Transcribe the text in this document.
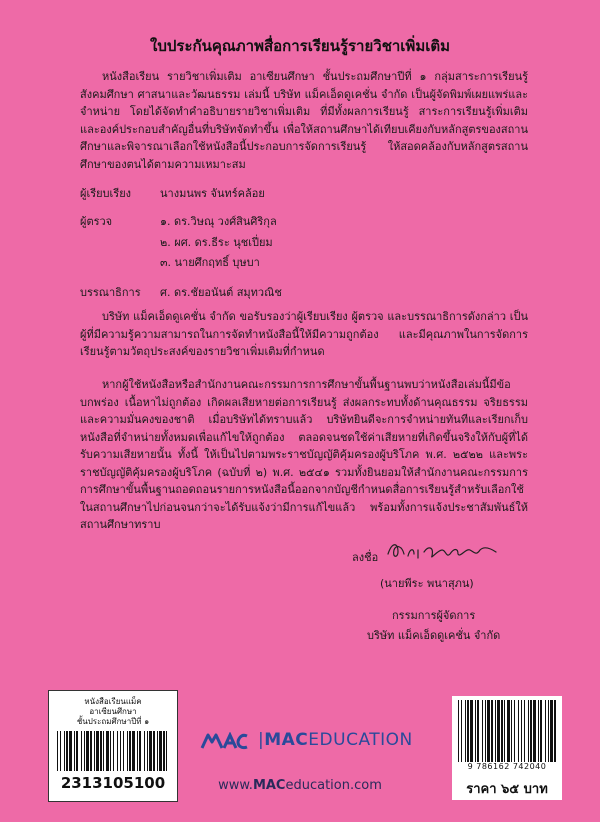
ใบประกันคุณภาพสื่อการเรียนรู้รายวิชาเพิ่มเติม
หนังสือเรียน รายวิชาเพิ่มเติม อาเซียนศึกษา ชั้นประถมศึกษาปีที่ ๑ กลุ่มสาระการเรียนรู้สังคมศึกษา ศาสนาและวัฒนธรรม เล่มนี้ บริษัท แม็คเอ็ดดูเคชั่น จำกัด เป็นผู้จัดพิมพ์เผยแพร่และจำหน่าย โดยได้จัดทำคำอธิบายรายวิชาเพิ่มเติม ที่มีทั้งผลการเรียนรู้ สาระการเรียนรู้เพิ่มเติม และองค์ประกอบสำคัญอื่นที่บริษัทจัดทำขึ้น เพื่อให้สถานศึกษาได้เทียบเคียงกับหลักสูตรของสถานศึกษาและพิจารณาเลือกใช้หนังสือนี้ประกอบการจัดการเรียนรู้ ให้สอดคล้องกับหลักสูตรสถานศึกษาของตนได้ตามความเหมาะสม
ผู้เรียบเรียง	นางมนพร จันทร์คล้อย
ผู้ตรวจ	๑. ดร.วิษณุ วงศ์สินศิริกุล
๒. ผศ. ดร.ธีระ นุชเปี่ยม
๓. นายศึกฤทธิ์ บุษบา
บรรณาธิการ ศ. ดร.ชัยอนันต์ สมุทวณิช
บริษัท แม็คเอ็ดดูเคชั่น จำกัด ขอรับรองว่าผู้เรียบเรียง ผู้ตรวจ และบรรณาธิการดังกล่าว เป็นผู้ที่มีความรู้ความสามารถในการจัดทำหนังสือนี้ให้มีความถูกต้อง และมีคุณภาพในการจัดการเรียนรู้ตามวัตถุประสงค์ของรายวิชาเพิ่มเติมที่กำหนด
หากผู้ใช้หนังสือหรือสำนักงานคณะกรรมการการศึกษาขั้นพื้นฐานพบว่าหนังสือเล่มนี้มีข้อบกพร่อง เนื้อหาไม่ถูกต้อง เกิดผลเสียหายต่อการเรียนรู้ ส่งผลกระทบทั้งด้านคุณธรรม จริยธรรม และความมั่นคงของชาติ เมื่อบริษัทได้ทราบแล้ว บริษัทยินดีจะการจำหน่ายทันทีและเรียกเก็บหนังสือที่จำหน่ายทั้งหมดเพื่อแก้ไขให้ถูกต้อง ตลอดจนชดใช้ค่าเสียหายที่เกิดขึ้นจริงให้กับผู้ที่ได้รับความเสียหายนั้น ทั้งนี้ ให้เป็นไปตามพระราชบัญญัติคุ้มครองผู้บริโภค พ.ศ. ๒๕๒๒ และพระราชบัญญัติคุ้มครองผู้บริโภค (ฉบับที่ ๒) พ.ศ. ๒๕๔๑ รวมทั้งยินยอมให้สำนักงานคณะกรรมการการศึกษาขั้นพื้นฐานถอดถอนรายการหนังสือนี้ออกจากบัญชีกำหนดสื่อการเรียนรู้สำหรับเลือกใช้ในสถานศึกษาไปก่อนจนกว่าจะได้รับแจ้งว่ามีการแก้ไขแล้ว พร้อมทั้งการแจ้งประชาสัมพันธ์ให้สถานศึกษาทราบ
ลงชื่อ
(นายพีระ พนาสุภน)
กรรมการผู้จัดการ
บริษัท แม็คเอ็ดดูเคชั่น จำกัด
หนังสือเรียนแม็ค
อาเซียนศึกษา
ชั้นประถมศึกษาปีที่ ๑
2313105100
|MACEDUCATION
www.MACeducation.com
9 786162 742040
ราคา ๖๕ บาท
